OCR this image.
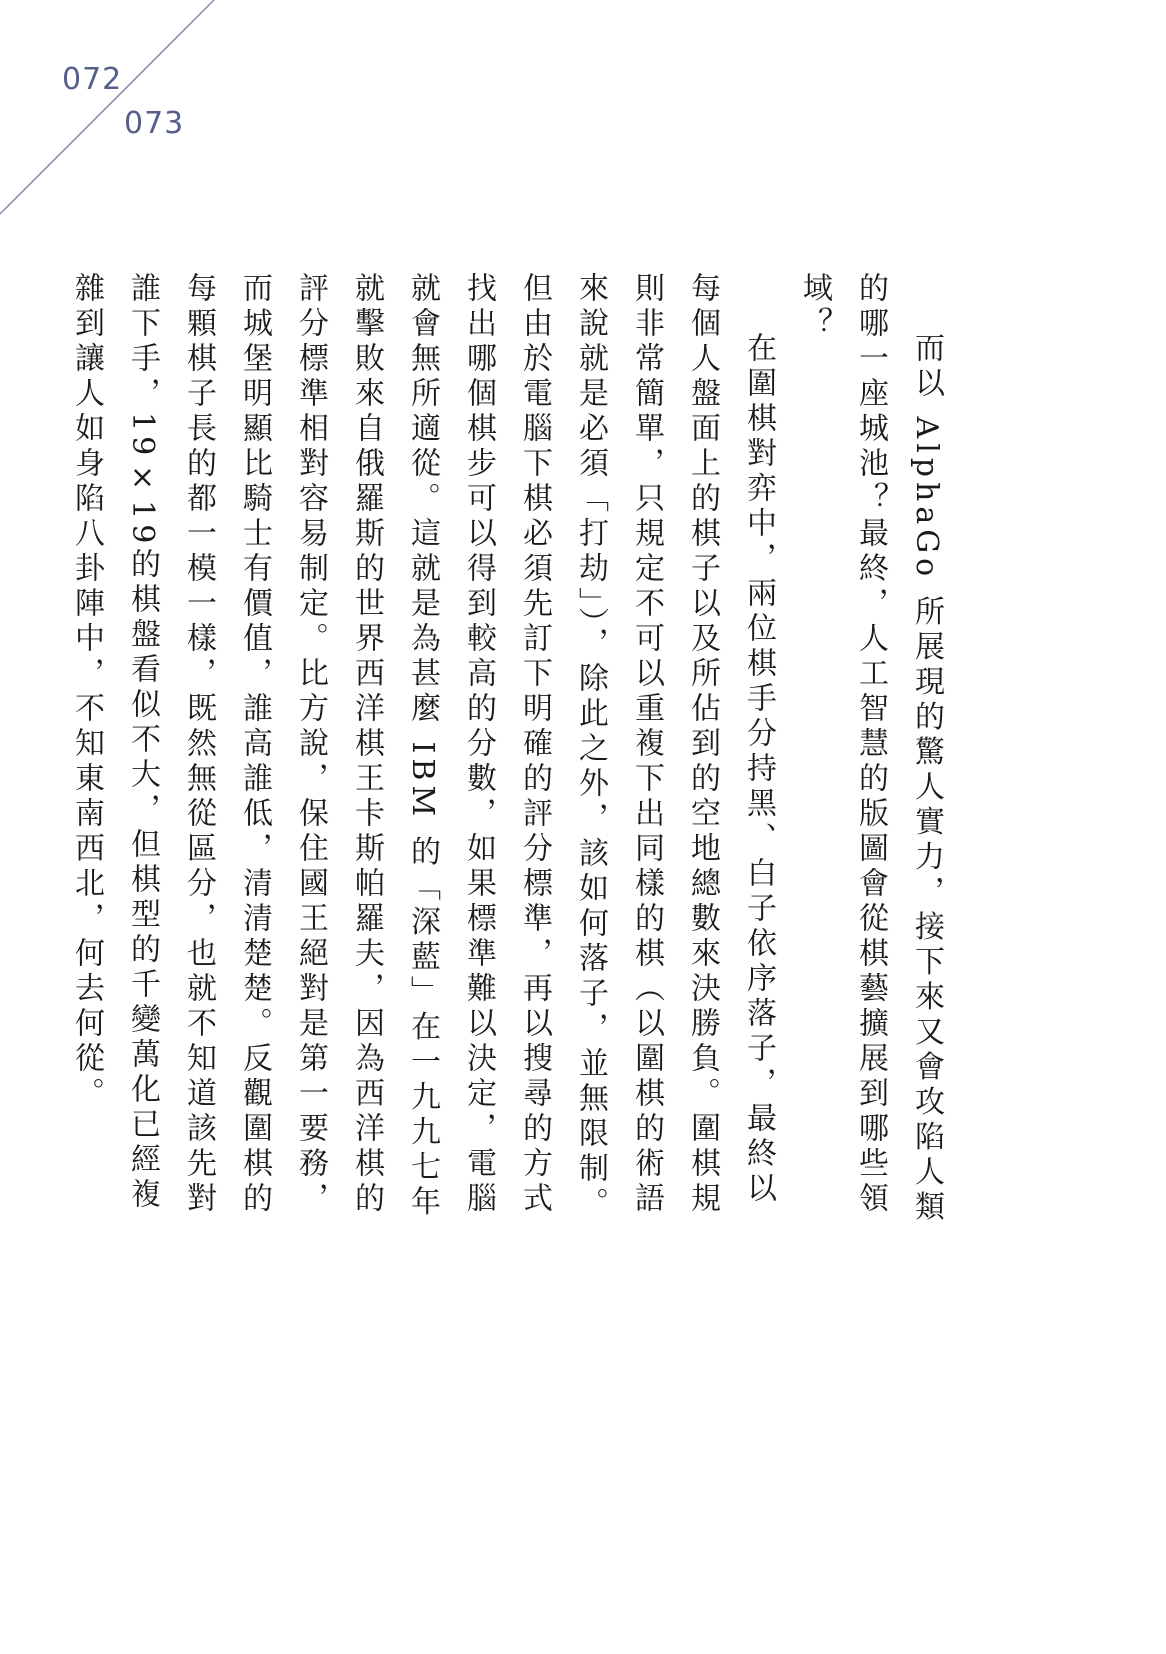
072
073

而以 AlphaGo 所展現的驚人實力，接下來又會攻陷人類的哪一座城池？最終，人工智慧的版圖會從棋藝擴展到哪些領域？

在圍棋對弈中，兩位棋手分持黑、白子依序落子，最終以每個人盤面上的棋子以及所佔到的空地總數來決勝負。圍棋規則非常簡單，只規定不可以重複下出同樣的棋（以圍棋的術語來說就是必須「打劫」），除此之外，該如何落子，並無限制。但由於電腦下棋必須先訂下明確的評分標準，再以搜尋的方式找出哪個棋步可以得到較高的分數，如果標準難以決定，電腦就會無所適從。這就是為甚麼 IBM 的「深藍」在一九九七年就擊敗來自俄羅斯的世界西洋棋王卡斯帕羅夫，因為西洋棋的評分標準相對容易制定。比方說，保住國王絕對是第一要務，而城堡明顯比騎士有價值，誰高誰低，清清楚楚。反觀圍棋的每顆棋子長的都一模一樣，既然無從區分，也就不知道該先對誰下手，19×19的棋盤看似不大，但棋型的千變萬化已經複雜到讓人如身陷八卦陣中，不知東南西北，何去何從。
